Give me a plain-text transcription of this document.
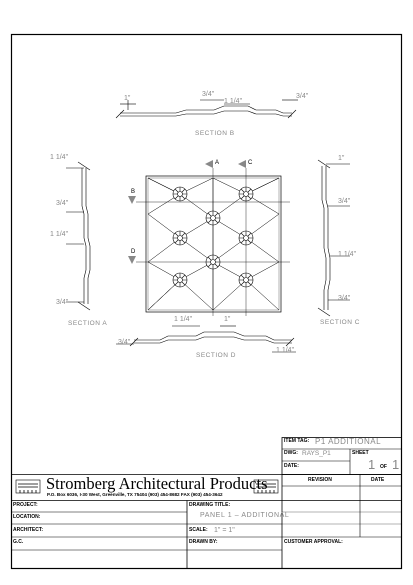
1"
3/4"
1 1/4"
3/4"
SECTION B
1 1/4"
3/4"
1 1/4"
3/4"
SECTION A
1"
3/4"
1 1/4"
3/4"
SECTION C
1 1/4"	1"
3/4"
1 1/4"
SECTION D
A	C
B
D
ITEM TAG: P1 ADDITIONAL
DWG: RAYS_P1	SHEET
1 OF 1
DATE:
REVISION	DATE
Stromberg Architectural Products
P.O. Box 6036, I-30 West, Greenville, TX 75404 (903) 454-8682 FAX (903) 454-3642
PROJECT:
LOCATION:
ARCHITECT:
G.C.
DRAWING TITLE:
PANEL 1 – ADDITIONAL
SCALE: 1" = 1"
DRAWN BY:	CUSTOMER APPROVAL:
